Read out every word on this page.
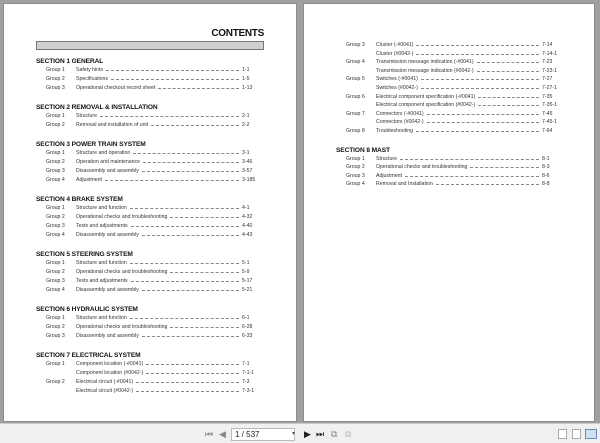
CONTENTS
SECTION 1 GENERAL
Group 1	Safety hints	1-1
Group 2	Specifications	1-5
Group 3	Operational checkout record sheet	1-13
SECTION 2 REMOVAL & INSTALLATION
Group 1	Structure	2-1
Group 2	Removal and installation of unit	2-2
SECTION 3 POWER TRAIN SYSTEM
Group 1	Structure and operation	3-1
Group 2	Operation and maintenance	3-46
Group 3	Disassembly and assembly	3-57
Group 4	Adjustment	3-185
SECTION 4 BRAKE SYSTEM
Group 1	Structure and function	4-1
Group 2	Operational checks and troubleshooting	4-32
Group 3	Tests and adjustments	4-40
Group 4	Disassembly and assembly	4-43
SECTION 5 STEERING SYSTEM
Group 1	Structure and function	5-1
Group 2	Operational checks and troubleshooting	5-9
Group 3	Tests and adjustments	5-17
Group 4	Disassembly and assembly	5-21
SECTION 6 HYDRAULIC SYSTEM
Group 1	Structure and function	6-1
Group 2	Operational checks and troubleshooting	6-28
Group 3	Disassembly and assembly	6-33
SECTION 7 ELECTRICAL SYSTEM
Group 1	Component location (-#0041)	7-1
Component location (#0042-)	7-1-1
Group 2	Electrical circuit (-#0041)	7-3
Electrical circuit (#0042-)	7-3-1
Group 3	Cluster (-#0041)	7-14
Cluster (#0042-)	7-14-1
Group 4	Transmission message indication (-#0041)	7-23
Transmission message indication (#0042-)	7-23-1
Group 5	Switches (-#0041)	7-27
Switches (#0042-)	7-27-1
Group 6	Electrical component specification (-#0041)	7-35
Electrical component specification (#0042-)	7-35-1
Group 7	Connectors (-#0041)	7-45
Connectors (#0042-)	7-45-1
Group 8	Troubleshooting	7-64
SECTION 8 MAST
Group 1	Structure	8-1
Group 2	Operational checks and troubleshooting	8-3
Group 3	Adjustment	8-6
Group 4	Removal and Installation	8-8
⏮ ◀	1 / 537	▾ ▶ ⏭ ⧉ ⧉
